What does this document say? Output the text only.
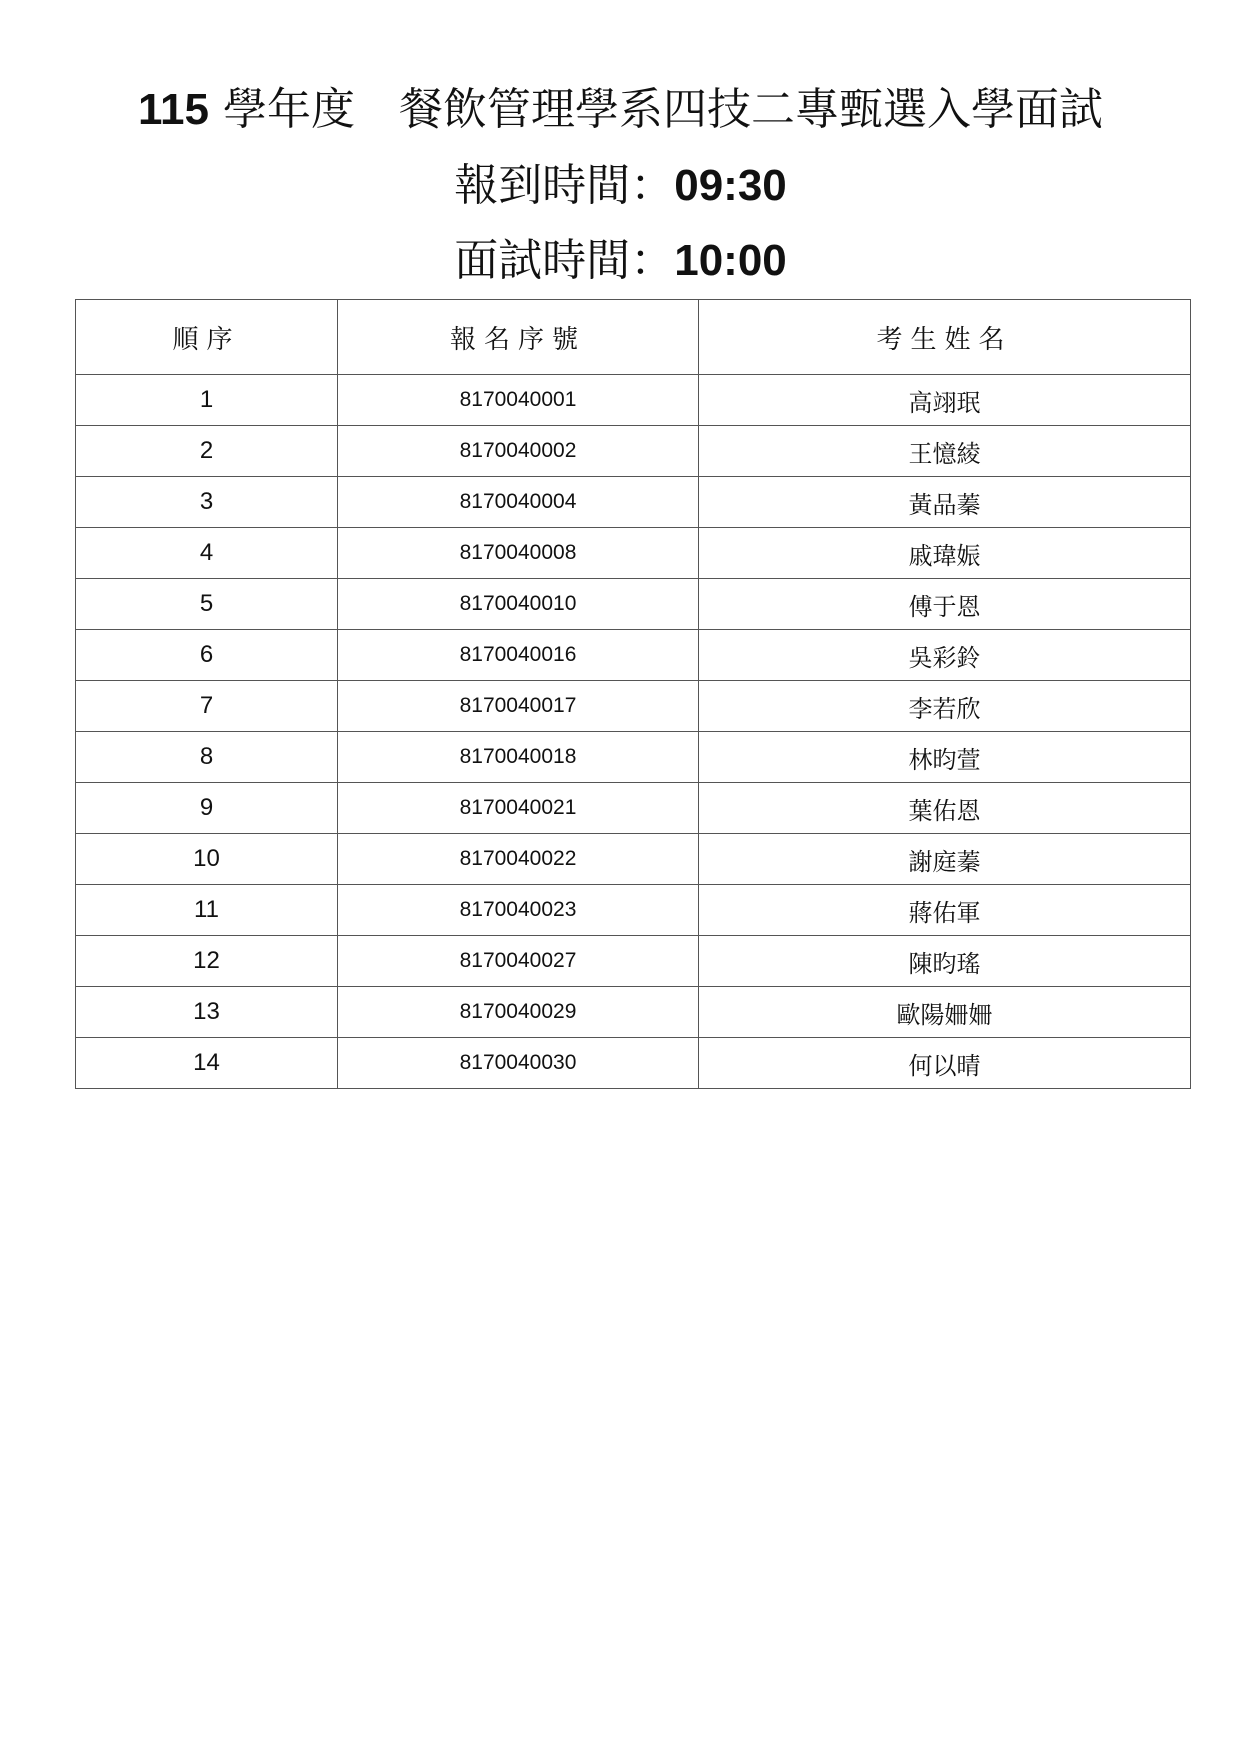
115 學年度 餐飲管理學系四技二專甄選入學面試
報到時間：09:30
面試時間：10:00
順序	報名序號	考生姓名
1	8170040001	高翊珉
2	8170040002	王憶綾
3	8170040004	黃品蓁
4	8170040008	戚瑋娠
5	8170040010	傅于恩
6	8170040016	吳彩鈴
7	8170040017	李若欣
8	8170040018	林昀萱
9	8170040021	葉佑恩
10	8170040022	謝庭蓁
11	8170040023	蔣佑軍
12	8170040027	陳昀瑤
13	8170040029	歐陽姍姍
14	8170040030	何以晴
